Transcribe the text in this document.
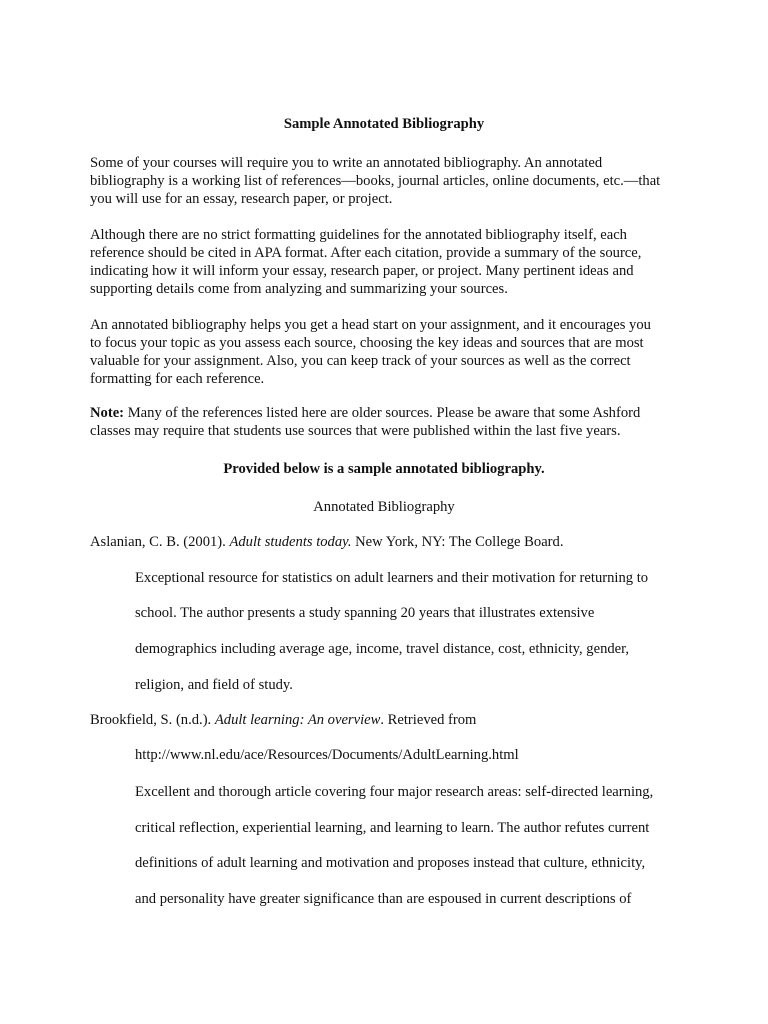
Sample Annotated Bibliography

Some of your courses will require you to write an annotated bibliography. An annotated

bibliography is a working list of references—books, journal articles, online documents, etc.—that

you will use for an essay, research paper, or project.

Although there are no strict formatting guidelines for the annotated bibliography itself, each

reference should be cited in APA format. After each citation, provide a summary of the source,

indicating how it will inform your essay, research paper, or project. Many pertinent ideas and

supporting details come from analyzing and summarizing your sources.

An annotated bibliography helps you get a head start on your assignment, and it encourages you

to focus your topic as you assess each source, choosing the key ideas and sources that are most

valuable for your assignment. Also, you can keep track of your sources as well as the correct

formatting for each reference.

Note: Many of the references listed here are older sources. Please be aware that some Ashford

classes may require that students use sources that were published within the last five years.

Provided below is a sample annotated bibliography.
Annotated Bibliography
Aslanian, C. B. (2001). Adult students today. New York, NY: The College Board.
Exceptional resource for statistics on adult learners and their motivation for returning to
school. The author presents a study spanning 20 years that illustrates extensive
demographics including average age, income, travel distance, cost, ethnicity, gender,
religion, and field of study.
Brookfield, S. (n.d.). Adult learning: An overview. Retrieved from
http://www.nl.edu/ace/Resources/Documents/AdultLearning.html
Excellent and thorough article covering four major research areas: self-directed learning,
critical reflection, experiential learning, and learning to learn. The author refutes current
definitions of adult learning and motivation and proposes instead that culture, ethnicity,
and personality have greater significance than are espoused in current descriptions of
